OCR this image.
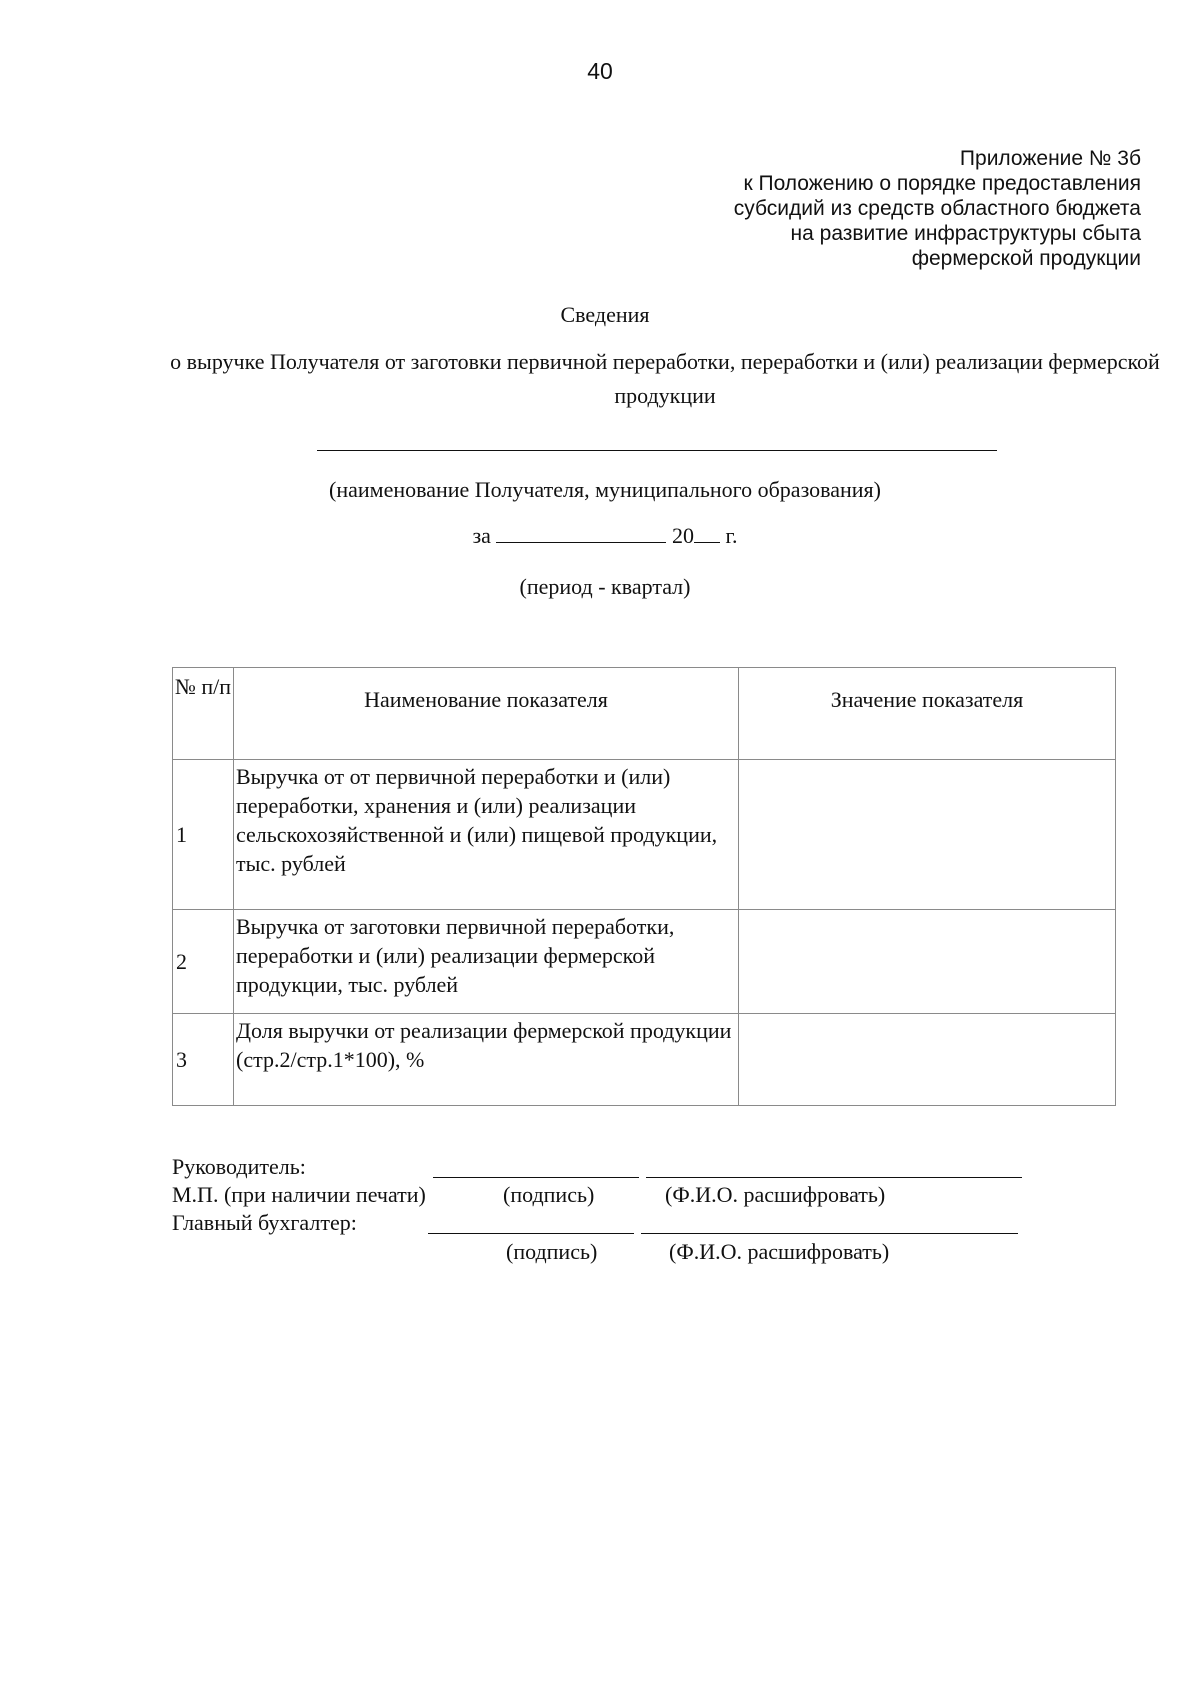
40
Приложение № 3б
к Положению о порядке предоставления
субсидий из средств областного бюджета
на развитие инфраструктуры сбыта
фермерской продукции
Сведения
о выручке Получателя от заготовки первичной переработки, переработки и (или) реализации фермерской продукции
(наименование Получателя, муниципального образования)
за	20 г.
(период - квартал)
№ п/п	Наименование показателя	Значение показателя
1	Выручка от от первичной переработки и (или) переработки, хранения и (или) реализации сельскохозяйственной и (или) пищевой продукции, тыс. рублей	
2	Выручка от заготовки первичной переработки, переработки и (или) реализации фермерской продукции, тыс. рублей	
3	Доля выручки от реализации фермерской продукции (стр.2/стр.1*100), %	
Руководитель:
М.П. (при наличии печати)	(подпись)	(Ф.И.О. расшифровать)
Главный бухгалтер:
(подпись)	(Ф.И.О. расшифровать)
